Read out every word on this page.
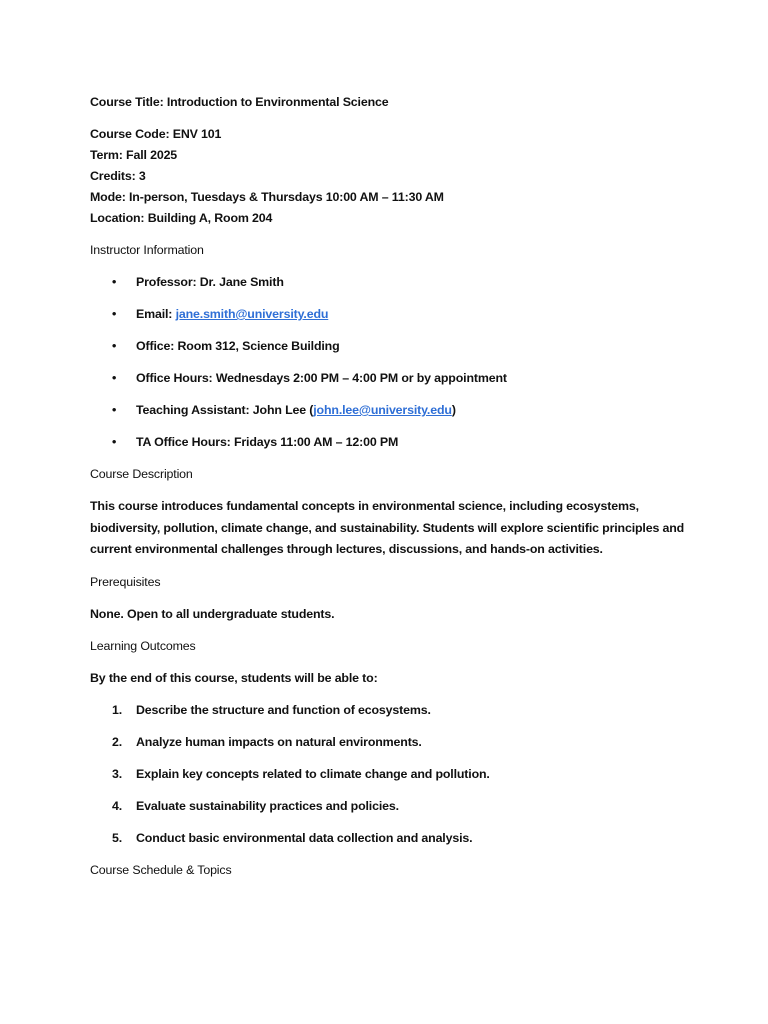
Course Title: Introduction to Environmental Science
Course Code: ENV 101
Term: Fall 2025
Credits: 3
Mode: In-person, Tuesdays & Thursdays 10:00 AM – 11:30 AM
Location: Building A, Room 204
Instructor Information
• Professor: Dr. Jane Smith
• Email: jane.smith@university.edu
• Office: Room 312, Science Building
• Office Hours: Wednesdays 2:00 PM – 4:00 PM or by appointment
• Teaching Assistant: John Lee (john.lee@university.edu)
• TA Office Hours: Fridays 11:00 AM – 12:00 PM
Course Description
This course introduces fundamental concepts in environmental science, including ecosystems,
biodiversity, pollution, climate change, and sustainability. Students will explore scientific principles and
current environmental challenges through lectures, discussions, and hands-on activities.
Prerequisites
None. Open to all undergraduate students.
Learning Outcomes
By the end of this course, students will be able to:
1. Describe the structure and function of ecosystems.
2. Analyze human impacts on natural environments.
3. Explain key concepts related to climate change and pollution.
4. Evaluate sustainability practices and policies.
5. Conduct basic environmental data collection and analysis.
Course Schedule & Topics
